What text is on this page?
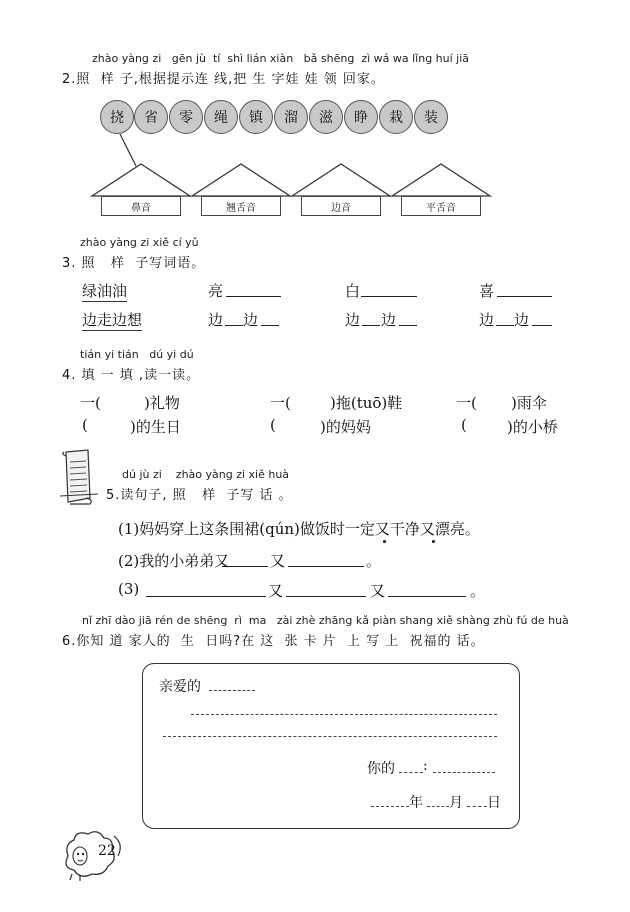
zhào yàng zi   gēn jù  tí  shì lián xiàn   bǎ shēng  zì wá wa lǐng huí jiā
2.照  样 子,根据提示连 线,把 生 字娃 娃 领 回家。
挠	省	零	绳	镇	溜	滋	睁	栽	装
鼻音	翘舌音	边音	平舌音
zhào yàng zi xiě cí yǔ
3. 照   样  子写词语。
绿油油	亮	白	喜
边走边想	边 边	边 边	边 边
tián yi tián   dú yi dú
4. 填 一 填 ,读一读。
一(	)礼物	一(	)拖(tuō)鞋	一( )雨伞
(	)的生日	(	)的妈妈	(	)的小桥
dú jù zi    zhào yàng zi xiě huà
5.读句子, 照   样  子写 话 。
(1)妈妈穿上这条围裙(qún)做饭时一定又干净又漂亮。
(2)我的小弟弟又	又	。
(3)	又	又	。
nǐ zhī dào jiā rén de shēng  rì  ma   zài zhè zhāng kǎ piàn shang xiě shàng zhù fú de huà
6.你知 道 家人的  生  日吗?在 这  张 卡 片  上 写 上  祝福的 话。
亲爱的
你的 :
年 月 日
22
